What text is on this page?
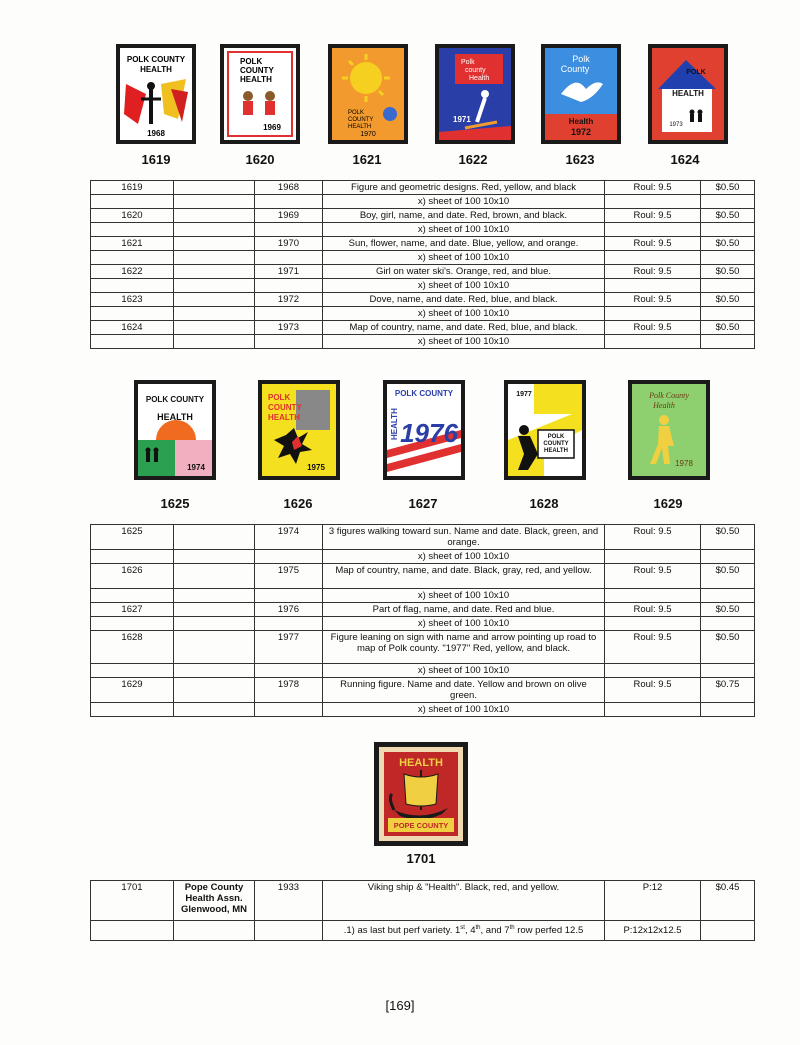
POLK COUNTY
HEALTH
1968
POLK
COUNTY
HEALTH
1969
POLK
COUNTY
HEALTH
1970
Polk
county
Health
1971
Polk
County
Health
1972
POLK
HEALTH
1973
1619	1620	1621	1622	1623	1624
1619		1968	Figure and geometric designs. Red, yellow, and black	Roul: 9.5	$0.50
			x) sheet of 100 10x10		
1620		1969	Boy, girl, name, and date. Red, brown, and black.	Roul: 9.5	$0.50
			x) sheet of 100 10x10		
1621		1970	Sun, flower, name, and date. Blue, yellow, and orange.	Roul: 9.5	$0.50
			x) sheet of 100 10x10		
1622		1971	Girl on water ski's. Orange, red, and blue.	Roul: 9.5	$0.50
			x) sheet of 100 10x10		
1623		1972	Dove, name, and date. Red, blue, and black.	Roul: 9.5	$0.50
			x) sheet of 100 10x10		
1624		1973	Map of country, name, and date. Red, blue, and black.	Roul: 9.5	$0.50
			x) sheet of 100 10x10		
POLK COUNTY
HEALTH
1974
POLK
COUNTY
HEALTH
1975
POLK COUNTY
HEALTH 1976	POLK
COUNTY
HEALTH
1977	Polk County
Health
1978
1625	1626	1627	1628	1629
1625		1974	3 figures walking toward sun. Name and date. Black, green, and orange.	Roul: 9.5	$0.50
			x) sheet of 100 10x10		
1626		1975	Map of country, name, and date. Black, gray, red, and yellow.	Roul: 9.5	$0.50
			x) sheet of 100 10x10		
1627		1976	Part of flag, name, and date. Red and blue.	Roul: 9.5	$0.50
			x) sheet of 100 10x10		
1628		1977	Figure leaning on sign with name and arrow pointing up road to map of Polk county. "1977" Red, yellow, and black.	Roul: 9.5	$0.50
			x) sheet of 100 10x10		
1629		1978	Running figure. Name and date. Yellow and brown on olive green.	Roul: 9.5	$0.75
			x) sheet of 100 10x10		
HEALTH
POPE COUNTY
1701
1701	Pope County
Health Assn.
Glenwood, MN	1933	Viking ship & "Health". Black, red, and yellow.	P:12	$0.45
			.1) as last but perf variety. 1st, 4th, and 7th row perfed 12.5	P:12x12x12.5	
[169]
